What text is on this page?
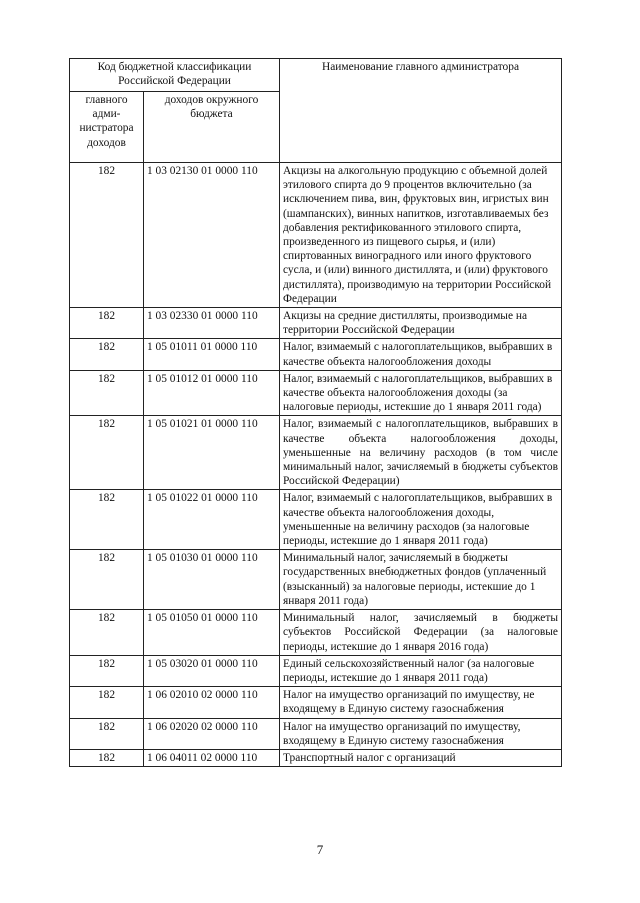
Код бюджетной классификации Российской Федерации		Наименование главного администратора
главного адми-нистратора доходов	доходов окружного бюджета	
182	1 03 02130 01 0000 110	Акцизы на алкогольную продукцию с объемной долей этилового спирта до 9 процентов включительно (за исключением пива, вин, фруктовых вин, игристых вин (шампанских), винных напитков, изготавливаемых без добавления ректификованного этилового спирта, произведенного из пищевого сырья, и (или) спиртованных виноградного или иного фруктового сусла, и (или) винного дистиллята, и (или) фруктового дистиллята), производимую на территории Российской Федерации
182	1 03 02330 01 0000 110	Акцизы на средние дистилляты, производимые на территории Российской Федерации
182	1 05 01011 01 0000 110	Налог, взимаемый с налогоплательщиков, выбравших в качестве объекта налогообложения доходы
182	1 05 01012 01 0000 110	Налог, взимаемый с налогоплательщиков, выбравших в качестве объекта налогообложения доходы (за налоговые периоды, истекшие до 1 января 2011 года)
182	1 05 01021 01 0000 110	Налог, взимаемый с налогоплательщиков, выбравших в качестве объекта налогообложения доходы, уменьшенные на величину расходов (в том числе минимальный налог, зачисляемый в бюджеты субъектов Российской Федерации)
182	1 05 01022 01 0000 110	Налог, взимаемый с налогоплательщиков, выбравших в качестве объекта налогообложения доходы, уменьшенные на величину расходов (за налоговые периоды, истекшие до 1 января 2011 года)
182	1 05 01030 01 0000 110	Минимальный налог, зачисляемый в бюджеты государственных внебюджетных фондов (уплаченный (взысканный) за налоговые периоды, истекшие до 1 января 2011 года)
182	1 05 01050 01 0000 110	Минимальный налог, зачисляемый в бюджеты субъектов Российской Федерации (за налоговые периоды, истекшие до 1 января 2016 года)
182	1 05 03020 01 0000 110	Единый сельскохозяйственный налог (за налоговые периоды, истекшие до 1 января 2011 года)
182	1 06 02010 02 0000 110	Налог на имущество организаций по имуществу, не входящему в Единую систему газоснабжения
182	1 06 02020 02 0000 110	Налог на имущество организаций по имуществу, входящему в Единую систему газоснабжения
182	1 06 04011 02 0000 110	Транспортный налог с организаций
7
